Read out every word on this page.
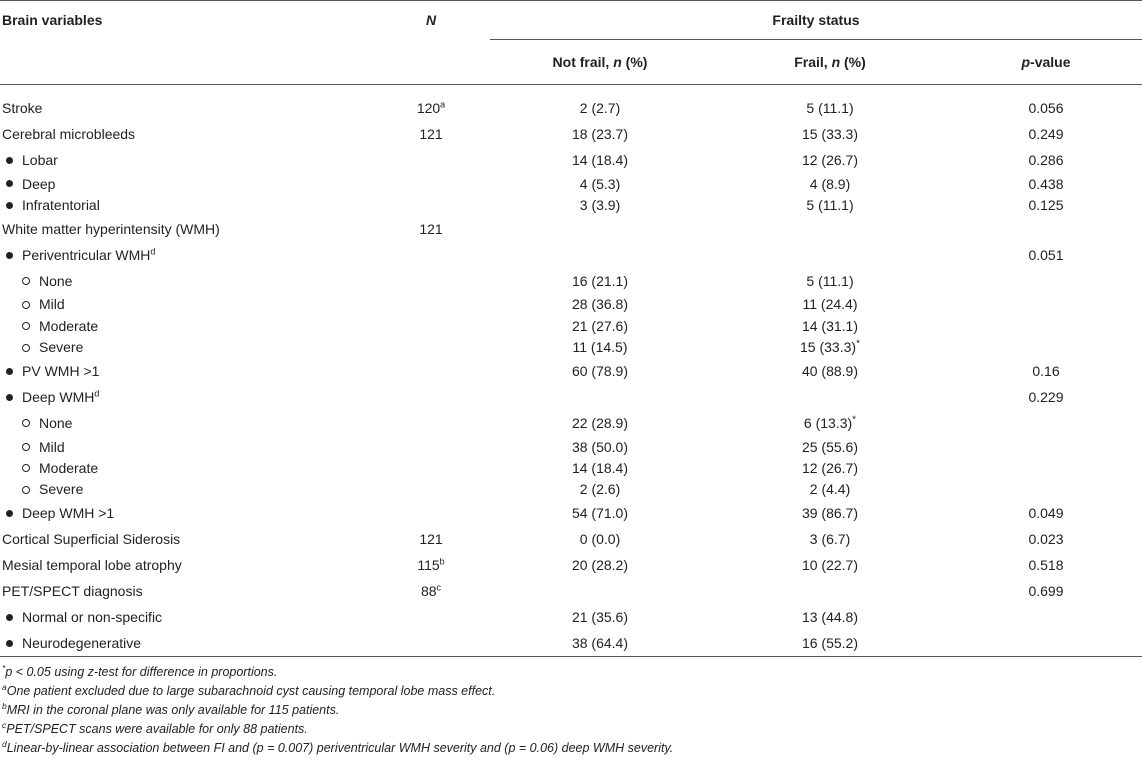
Brain variables	N	Frailty status		
		Not frail, n (%)	Frail, n (%)	p-value

Stroke	120$^a$	2 (2.7)	5 (11.1)	0.056
Cerebral microbleeds	121	18 (23.7)	15 (33.3)	0.249
Lobar		14 (18.4)	12 (26.7)	0.286
Deep		4 (5.3)	4 (8.9)	0.438
Infratentorial		3 (3.9)	5 (11.1)	0.125
White matter hyperintensity (WMH)	121			
Periventricular WMH$^d$				0.051
None		16 (21.1)	5 (11.1)	
Mild		28 (36.8)	11 (24.4)	
Moderate		21 (27.6)	14 (31.1)	
Severe		11 (14.5)	15 (33.3)*	
PV WMH >1		60 (78.9)	40 (88.9)	0.16
Deep WMH$^d$				0.229
None		22 (28.9)	6 (13.3)*	
Mild		38 (50.0)	25 (55.6)	
Moderate		14 (18.4)	12 (26.7)	
Severe		2 (2.6)	2 (4.4)	
Deep WMH >1		54 (71.0)	39 (86.7)	0.049
Cortical Superficial Siderosis	121	0 (0.0)	3 (6.7)	0.023
Mesial temporal lobe atrophy	115$^b$	20 (28.2)	10 (22.7)	0.518
PET/SPECT diagnosis	88$^c$			0.699
Normal or non-specific		21 (35.6)	13 (44.8)	
Neurodegenerative		38 (64.4)	16 (55.2)	
*p < 0.05 using z-test for difference in proportions.
$^a$One patient excluded due to large subarachnoid cyst causing temporal lobe mass effect.
$^b$MRI in the coronal plane was only available for 115 patients.
$^c$PET/SPECT scans were available for only 88 patients.
$^d$Linear-by-linear association between FI and (p = 0.007) periventricular WMH severity and (p = 0.06) deep WMH severity.
